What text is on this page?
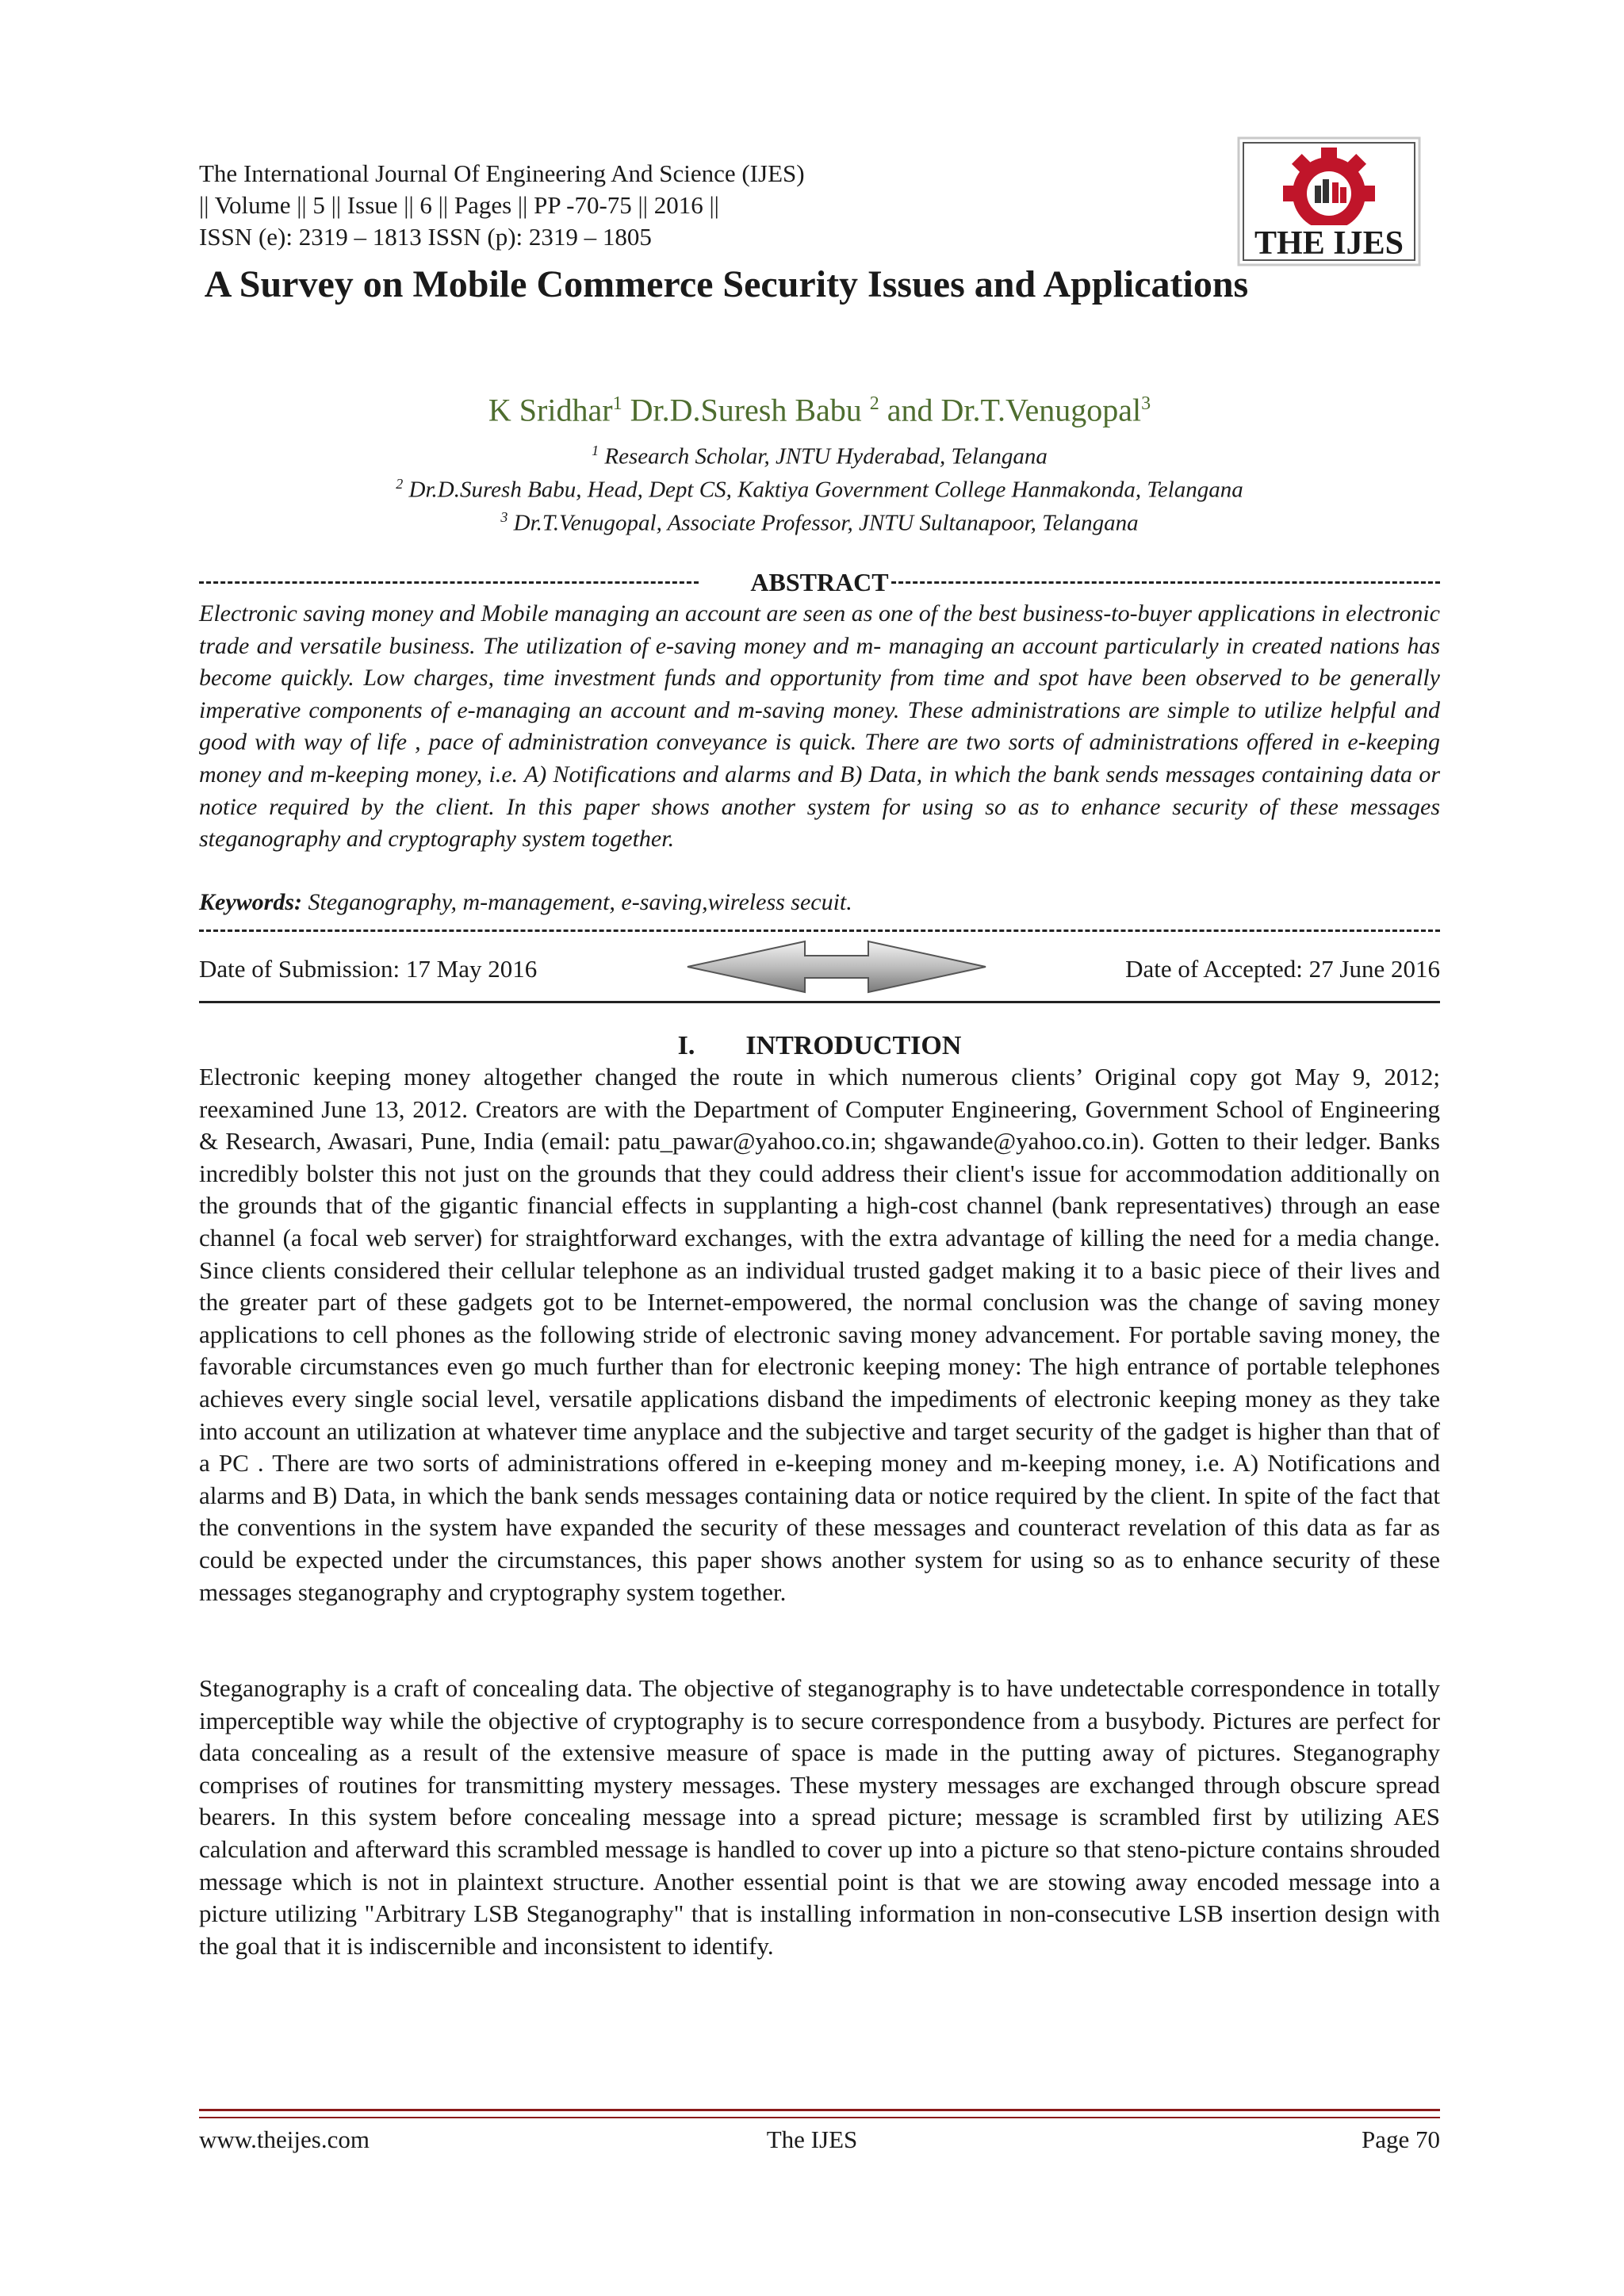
The International Journal Of Engineering And Science (IJES)
|| Volume || 5 || Issue || 6 || Pages || PP -70-75 || 2016 ||
ISSN (e): 2319 – 1813 ISSN (p): 2319 – 1805	THE IJES
A Survey on Mobile Commerce Security Issues and Applications
K Sridhar$^1$ Dr.D.Suresh Babu $^2$ and Dr.T.Venugopal$^3$
$^1$ Research Scholar, JNTU Hyderabad, Telangana
$^2$ Dr.D.Suresh Babu, Head, Dept CS, Kaktiya Government College Hanmakonda, Telangana
$^3$ Dr.T.Venugopal, Associate Professor, JNTU Sultanapoor, Telangana
ABSTRACT

Electronic saving money and Mobile managing an account are seen as one of the best business-to-buyer applications in electronic trade and versatile business. The utilization of e-saving money and m- managing an account particularly in created nations has become quickly. Low charges, time investment funds and opportunity from time and spot have been observed to be generally imperative components of e-managing an account and m-saving money. These administrations are simple to utilize helpful and good with way of life , pace of administration conveyance is quick. There are two sorts of administrations offered in e-keeping money and m-keeping money, i.e. A) Notifications and alarms and B) Data, in which the bank sends messages containing data or notice required by the client. In this paper shows another system for using so as to enhance security of these messages steganography and cryptography system together.

Keywords: Steganography, m-management, e-saving,wireless secuit.
Date of Submission: 17 May 2016	Date of Accepted: 27 June 2016
I. INTRODUCTION

Electronic keeping money altogether changed the route in which numerous clients’ Original copy got May 9, 2012; reexamined June 13, 2012. Creators are with the Department of Computer Engineering, Government School of Engineering & Research, Awasari, Pune, India (email: patu_pawar@yahoo.co.in; shgawande@yahoo.co.in). Gotten to their ledger. Banks incredibly bolster this not just on the grounds that they could address their client's issue for accommodation additionally on the grounds that of the gigantic financial effects in supplanting a high-cost channel (bank representatives) through an ease channel (a focal web server) for straightforward exchanges, with the extra advantage of killing the need for a media change. Since clients considered their cellular telephone as an individual trusted gadget making it to a basic piece of their lives and the greater part of these gadgets got to be Internet-empowered, the normal conclusion was the change of saving money applications to cell phones as the following stride of electronic saving money advancement. For portable saving money, the favorable circumstances even go much further than for electronic keeping money: The high entrance of portable telephones achieves every single social level, versatile applications disband the impediments of electronic keeping money as they take into account an utilization at whatever time anyplace and the subjective and target security of the gadget is higher than that of a PC . There are two sorts of administrations offered in e-keeping money and m-keeping money, i.e. A) Notifications and alarms and B) Data, in which the bank sends messages containing data or notice required by the client. In spite of the fact that the conventions in the system have expanded the security of these messages and counteract revelation of this data as far as could be expected under the circumstances, this paper shows another system for using so as to enhance security of these messages steganography and cryptography system together.

Steganography is a craft of concealing data. The objective of steganography is to have undetectable correspondence in totally imperceptible way while the objective of cryptography is to secure correspondence from a busybody. Pictures are perfect for data concealing as a result of the extensive measure of space is made in the putting away of pictures. Steganography comprises of routines for transmitting mystery messages. These mystery messages are exchanged through obscure spread bearers. In this system before concealing message into a spread picture; message is scrambled first by utilizing AES calculation and afterward this scrambled message is handled to cover up into a picture so that steno-picture contains shrouded message which is not in plaintext structure. Another essential point is that we are stowing away encoded message into a picture utilizing "Arbitrary LSB Steganography" that is installing information in non-consecutive LSB insertion design with the goal that it is indiscernible and inconsistent to identify.

www.theijes.com	The IJES	Page 70
